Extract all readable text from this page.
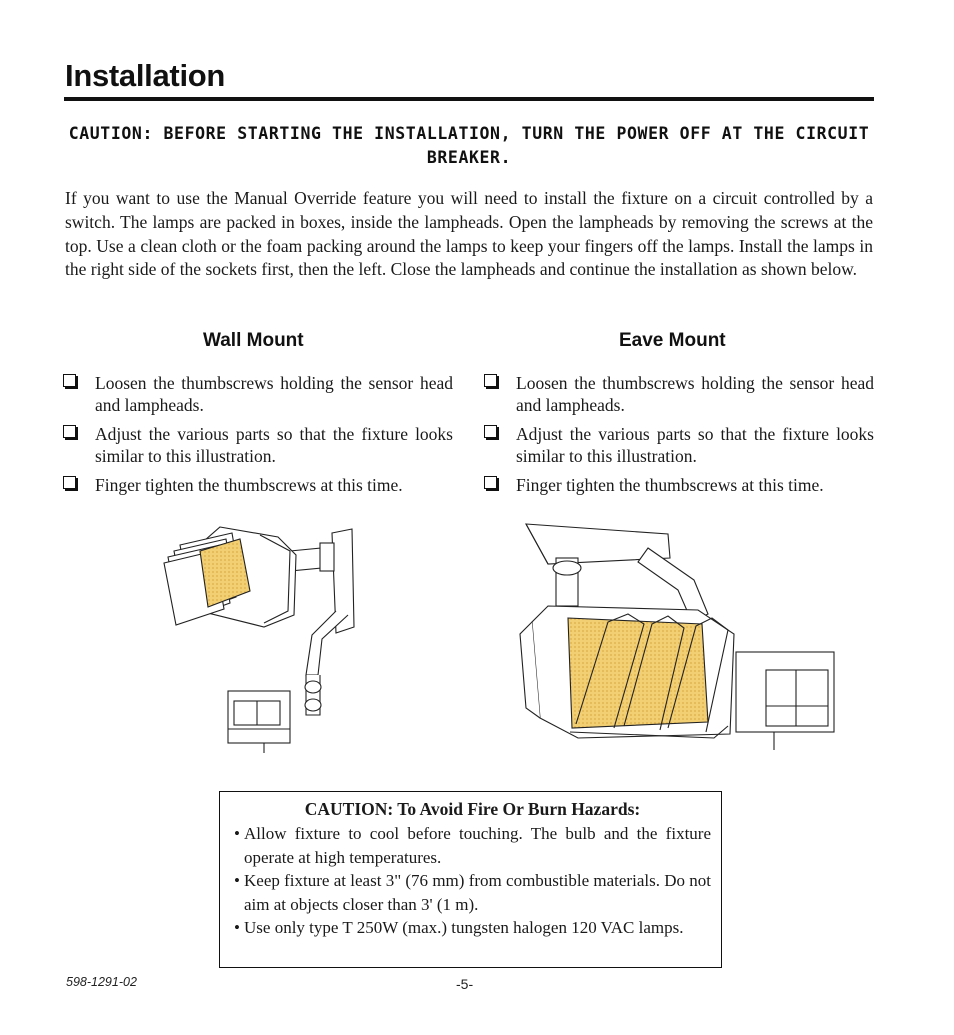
Installation
CAUTION: BEFORE STARTING THE INSTALLATION, TURN THE POWER OFF AT THE CIRCUIT BREAKER.
If you want to use the Manual Override feature you will need to install the fixture on a circuit controlled by a switch. The lamps are packed in boxes, inside the lampheads. Open the lampheads by removing the screws at the top. Use a clean cloth or the foam packing around the lamps to keep your fingers off the lamps. Install the lamps in the right side of the sockets first, then the left. Close the lampheads and continue the installation as shown below.
Wall Mount
Loosen the thumbscrews holding the sensor head and lampheads.
Adjust the various parts so that the fixture looks similar to this illustration.
Finger tighten the thumbscrews at this time.
Eave Mount
Loosen the thumbscrews holding the sensor head and lampheads.
Adjust the various parts so that the fixture looks similar to this illustration.
Finger tighten the thumbscrews at this time.
CAUTION: To Avoid Fire Or Burn Hazards:
• Allow fixture to cool before touching. The bulb and the fixture operate at high temperatures.
• Keep fixture at least 3" (76 mm) from combustible materials. Do not aim at objects closer than 3' (1 m).
• Use only type T 250W (max.) tungsten halogen 120 VAC lamps.
598-1291-02	-5-
